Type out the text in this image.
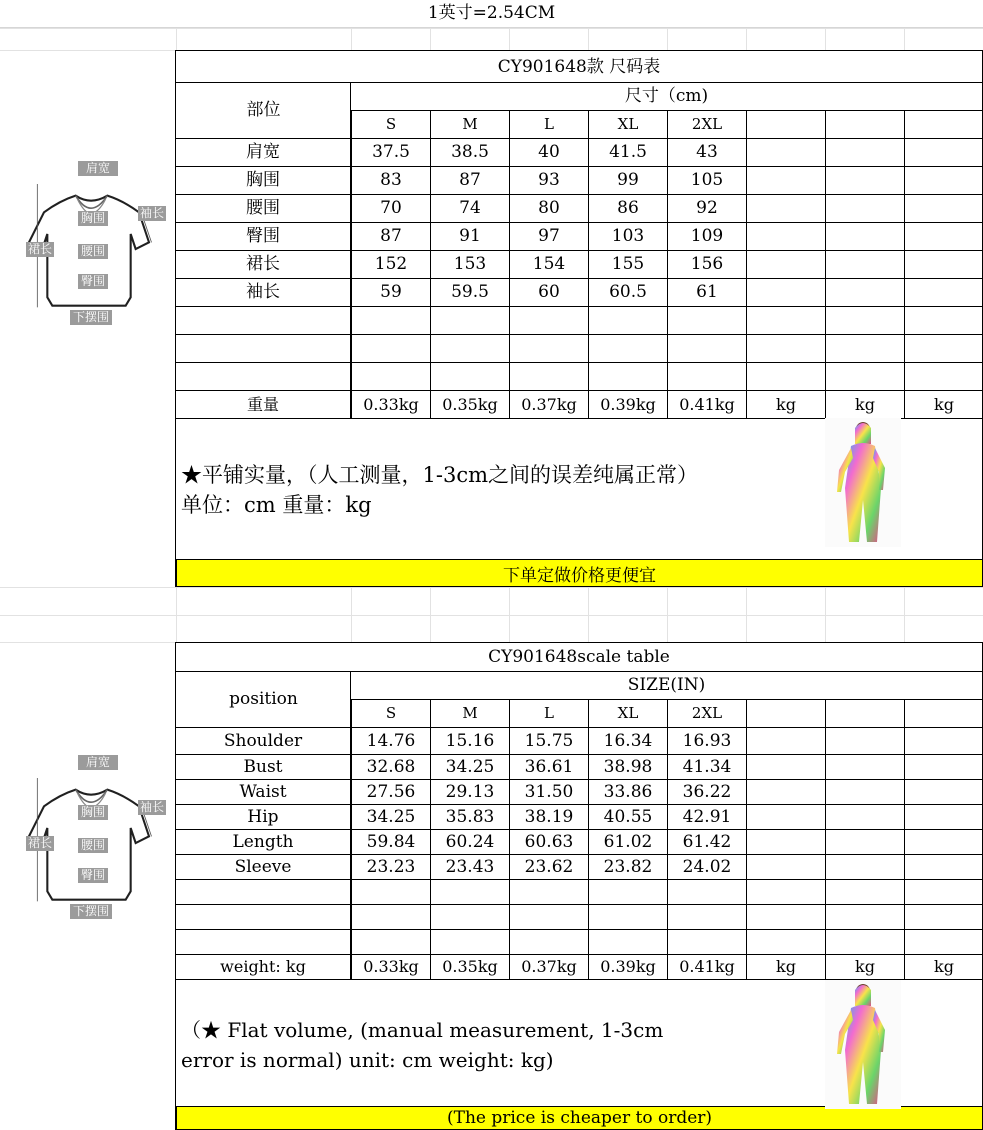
1英寸=2.54CM
CY901648款 尺码表
部位
尺寸（cm)
S	M	L	XL	2XL
肩宽	37.5	38.5	40	41.5	43
胸围	83	87	93	99	105
腰围	70	74	80	86	92
臀围	87	91	97	103	109
裙长	152	153	154	155	156
袖长	59	59.5	60	60.5	61
重量	0.33kg	0.35kg	0.37kg	0.39kg	0.41kg	kg	kg	kg
★平铺实量，（人工测量，1-3cm之间的误差纯属正常）
单位：cm 重量：kg
下单定做价格更便宜
肩宽
胸围	袖长
裙长 腰围
臀围
下摆围
CY901648scale table
position
SIZE(IN)
S	M	L	XL	2XL
Shoulder	14.76	15.16	15.75	16.34	16.93
Bust	32.68	34.25	36.61	38.98	41.34
Waist	27.56	29.13	31.50	33.86	36.22
Hip	34.25	35.83	38.19	40.55	42.91
Length	59.84	60.24	60.63	61.02	61.42
Sleeve	23.23	23.43	23.62	23.82	24.02
weight: kg	0.33kg	0.35kg	0.37kg	0.39kg	0.41kg	kg	kg	kg
（★ Flat volume, (manual measurement, 1-3cm
error is normal) unit: cm weight: kg)
(The price is cheaper to order)
肩宽
胸围	袖长
裙长 腰围
臀围
下摆围
